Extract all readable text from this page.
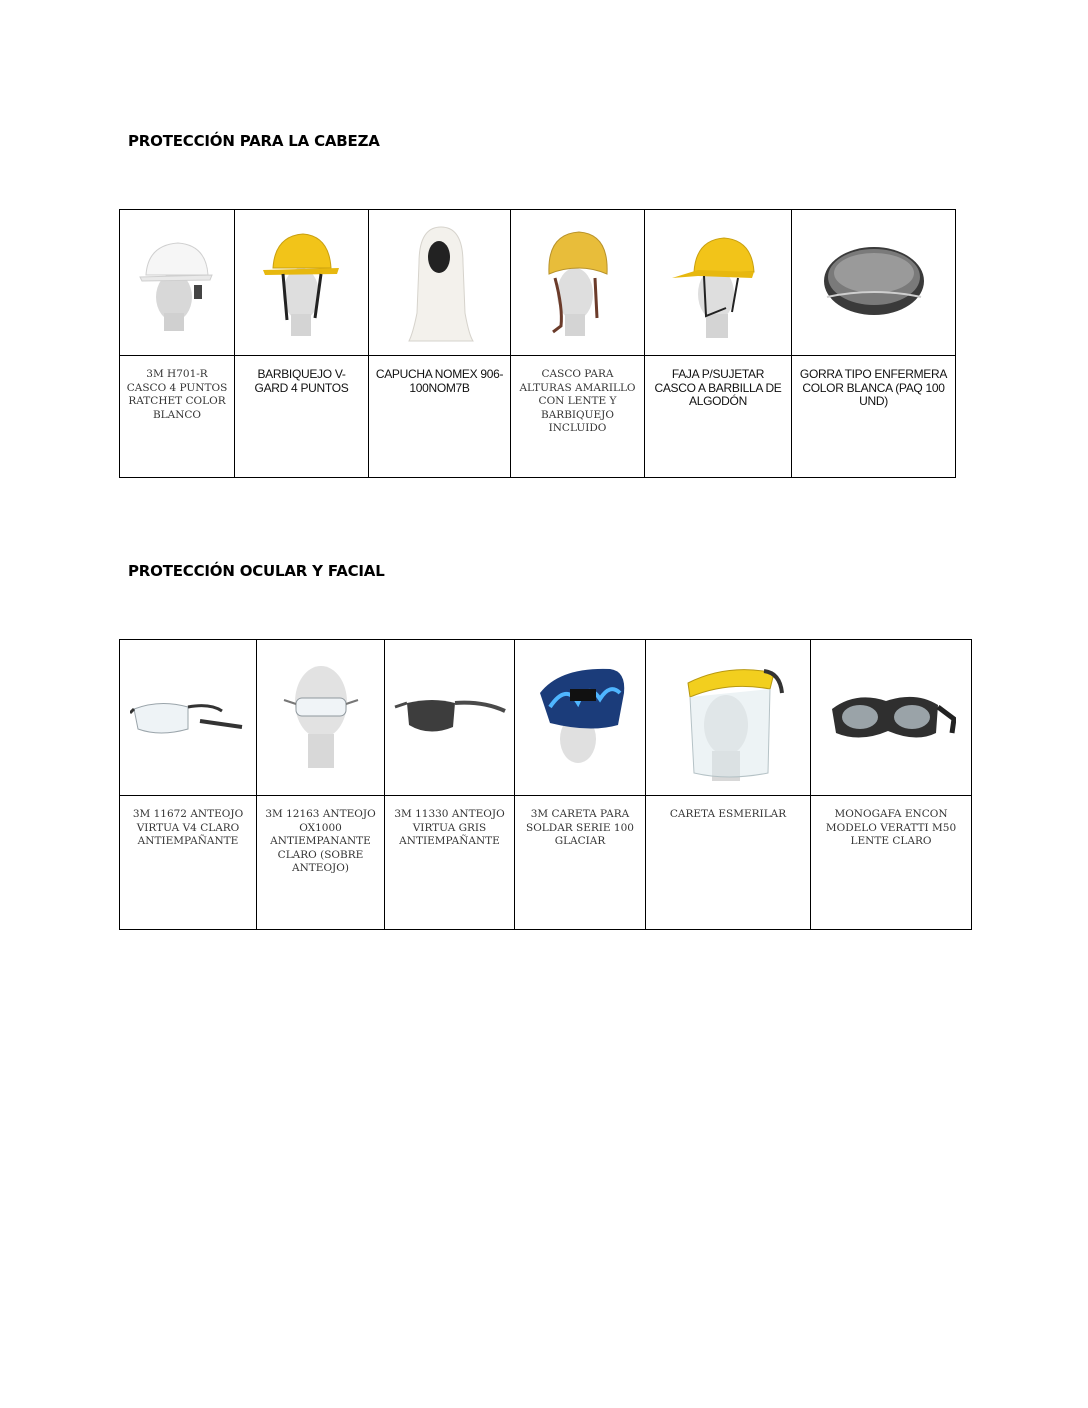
PROTECCIÓN PARA LA CABEZA

3M H701-R CASCO 4 PUNTOS RATCHET COLOR BLANCO	BARBIQUEJO V-GARD 4 PUNTOS	CAPUCHA NOMEX 906-100NOM7B	CASCO PARA ALTURAS AMARILLO CON LENTE Y BARBIQUEJO INCLUIDO	FAJA P/SUJETAR CASCO A BARBILLA DE ALGODÓN	GORRA TIPO ENFERMERA COLOR BLANCA (PAQ 100 UND)
PROTECCIÓN OCULAR Y FACIAL

3M 11672 ANTEOJO VIRTUA V4 CLARO ANTIEMPAÑANTE	3M 12163 ANTEOJO OX1000 ANTIEMPANANTE CLARO (SOBRE ANTEOJO)	3M 11330 ANTEOJO VIRTUA GRIS ANTIEMPAÑANTE	3M CARETA PARA SOLDAR SERIE 100 GLACIAR	CARETA ESMERILAR	MONOGAFA ENCON MODELO VERATTI M50 LENTE CLARO
